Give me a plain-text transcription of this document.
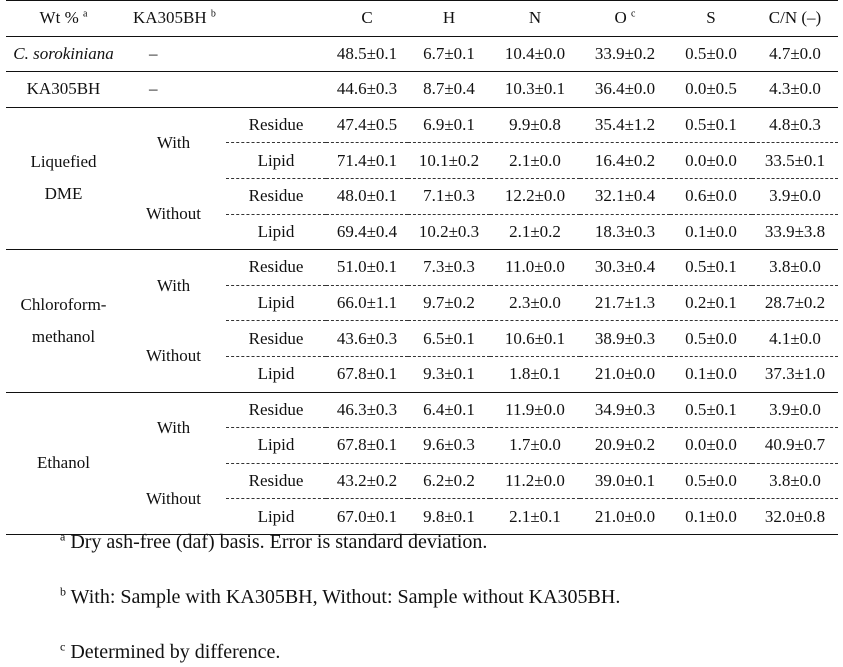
Wt % $^a$	KA305BH $^b$		C	H	N	O $^c$	S	C/N (–)
C. sorokiniana	–		48.5±0.1	6.7±0.1	10.4±0.0	33.9±0.2	0.5±0.0	4.7±0.0
KA305BH	–		44.6±0.3	8.7±0.4	10.3±0.1	36.4±0.0	0.0±0.5	4.3±0.0

Liquefied
DME	With	Residue	47.4±0.5	6.9±0.1	9.9±0.8	35.4±1.2	0.5±0.1	4.8±0.3
		Lipid	71.4±0.1	10.1±0.2	2.1±0.0	16.4±0.2	0.0±0.0	33.5±0.1
	Without	Residue	48.0±0.1	7.1±0.3	12.2±0.0	32.1±0.4	0.6±0.0	3.9±0.0
		Lipid	69.4±0.4	10.2±0.3	2.1±0.2	18.3±0.3	0.1±0.0	33.9±3.8

Chloroform-
methanol	With	Residue	51.0±0.1	7.3±0.3	11.0±0.0	30.3±0.4	0.5±0.1	3.8±0.0
		Lipid	66.0±1.1	9.7±0.2	2.3±0.0	21.7±1.3	0.2±0.1	28.7±0.2
	Without	Residue	43.6±0.3	6.5±0.1	10.6±0.1	38.9±0.3	0.5±0.0	4.1±0.0
		Lipid	67.8±0.1	9.3±0.1	1.8±0.1	21.0±0.0	0.1±0.0	37.3±1.0

Ethanol	With	Residue	46.3±0.3	6.4±0.1	11.9±0.0	34.9±0.3	0.5±0.1	3.9±0.0
		Lipid	67.8±0.1	9.6±0.3	1.7±0.0	20.9±0.2	0.0±0.0	40.9±0.7
	Without	Residue	43.2±0.2	6.2±0.2	11.2±0.0	39.0±0.1	0.5±0.0	3.8±0.0
		Lipid	67.0±0.1	9.8±0.1	2.1±0.1	21.0±0.0	0.1±0.0	32.0±0.8
$^a$ Dry ash-free (daf) basis. Error is standard deviation.
$^b$ With: Sample with KA305BH, Without: Sample without KA305BH.
$^c$ Determined by difference.
